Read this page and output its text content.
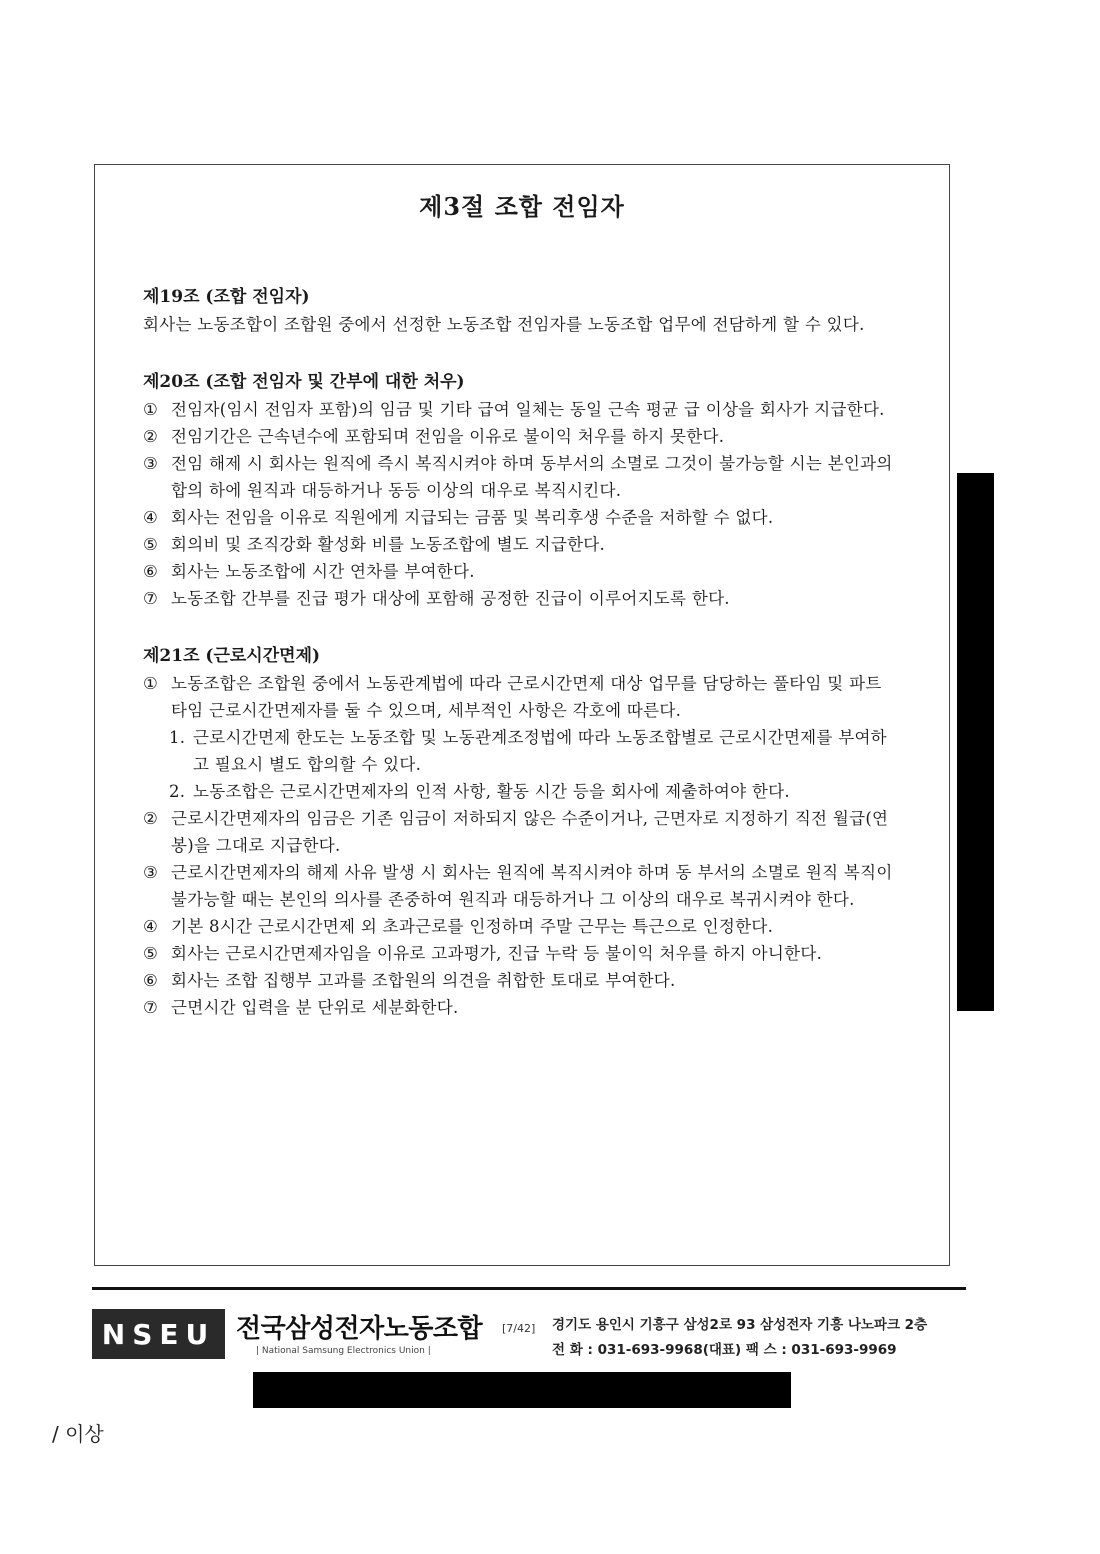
제3절 조합 전임자
제19조 (조합 전임자)
회사는 노동조합이 조합원 중에서 선정한 노동조합 전임자를 노동조합 업무에 전담하게 할 수 있다.
제20조 (조합 전임자 및 간부에 대한 처우)
① 전임자(임시 전임자 포함)의 임금 및 기타 급여 일체는 동일 근속 평균 급 이상을 회사가 지급한다.
② 전임기간은 근속년수에 포함되며 전임을 이유로 불이익 처우를 하지 못한다.
③ 전임 해제 시 회사는 원직에 즉시 복직시켜야 하며 동부서의 소멸로 그것이 불가능할 시는 본인과의 합의 하에 원직과 대등하거나 동등 이상의 대우로 복직시킨다.
④ 회사는 전임을 이유로 직원에게 지급되는 금품 및 복리후생 수준을 저하할 수 없다.
⑤ 회의비 및 조직강화 활성화 비를 노동조합에 별도 지급한다.
⑥ 회사는 노동조합에 시간 연차를 부여한다.
⑦ 노동조합 간부를 진급 평가 대상에 포함해 공정한 진급이 이루어지도록 한다.
제21조 (근로시간면제)
① 노동조합은 조합원 중에서 노동관계법에 따라 근로시간면제 대상 업무를 담당하는 풀타임 및 파트 타임 근로시간면제자를 둘 수 있으며, 세부적인 사항은 각호에 따른다.
1. 근로시간면제 한도는 노동조합 및 노동관계조정법에 따라 노동조합별로 근로시간면제를 부여하고 필요시 별도 합의할 수 있다.
2. 노동조합은 근로시간면제자의 인적 사항, 활동 시간 등을 회사에 제출하여야 한다.
② 근로시간면제자의 임금은 기존 임금이 저하되지 않은 수준이거나, 근면자로 지정하기 직전 월급(연봉)을 그대로 지급한다.
③ 근로시간면제자의 해제 사유 발생 시 회사는 원직에 복직시켜야 하며 동 부서의 소멸로 원직 복직이 불가능할 때는 본인의 의사를 존중하여 원직과 대등하거나 그 이상의 대우로 복귀시켜야 한다.
④ 기본 8시간 근로시간면제 외 초과근로를 인정하며 주말 근무는 특근으로 인정한다.
⑤ 회사는 근로시간면제자임을 이유로 고과평가, 진급 누락 등 불이익 처우를 하지 아니한다.
⑥ 회사는 조합 집행부 고과를 조합원의 의견을 취합한 토대로 부여한다.
⑦ 근면시간 입력을 분 단위로 세분화한다.
NSEU 전국삼성전자노동조합
| National Samsung Electronics Union |
[7/42] 경기도 용인시 기흥구 삼성2로 93 삼성전자 기흥 나노파크 2층
전 화 : 031-693-9968(대표) 팩 스 : 031-693-9969
/ 이상
